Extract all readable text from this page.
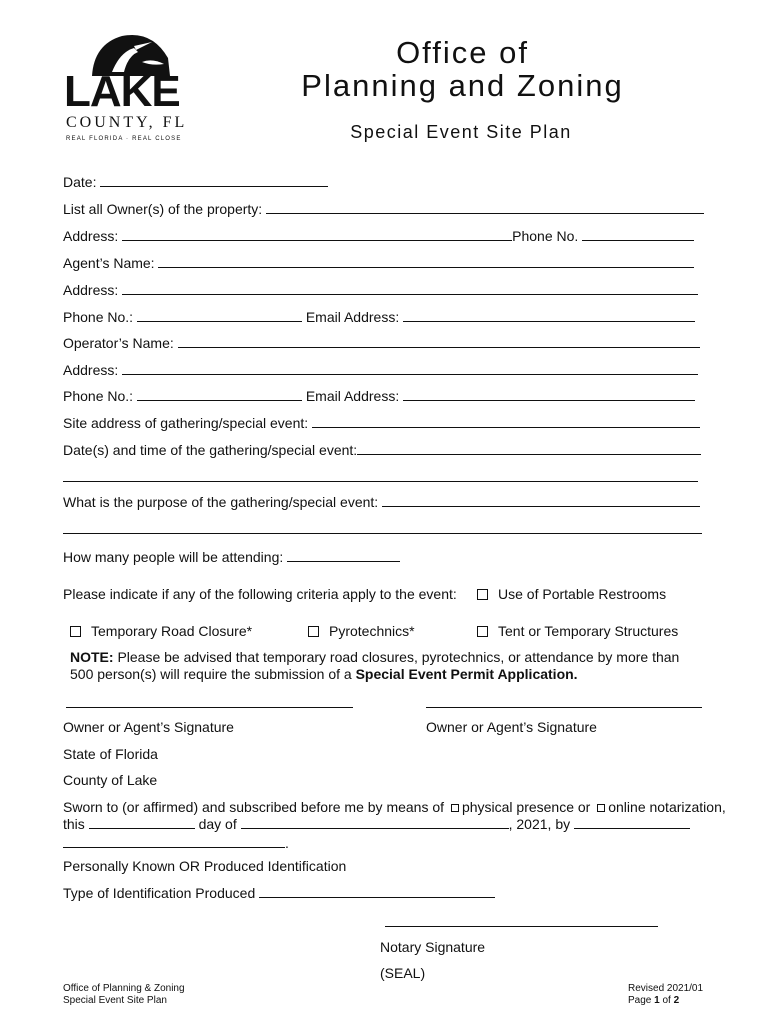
LAKE
COUNTY, FL
REAL FLORIDA · REAL CLOSE
Office of
Planning and Zoning
Special Event Site Plan
Date:
List all Owner(s) of the property:
Address:	Phone No.
Agent’s Name:
Address:
Phone No.:	Email Address:
Operator’s Name:
Address:
Phone No.:	Email Address:
Site address of gathering/special event:
Date(s) and time of the gathering/special event:
What is the purpose of the gathering/special event:
How many people will be attending:
Please indicate if any of the following criteria apply to the event:	Use of Portable Restrooms
Temporary Road Closure*	Pyrotechnics*	Tent or Temporary Structures
NOTE: Please be advised that temporary road closures, pyrotechnics, or attendance by more than
500 person(s) will require the submission of a Special Event Permit Application.
Owner or Agent’s Signature	Owner or Agent’s Signature
State of Florida
County of Lake
Sworn to (or affirmed) and subscribed before me by means of physical presence or online notarization,
this	day of	, 2021, by
.
Personally Known OR Produced Identification
Type of Identification Produced
Notary Signature
(SEAL)
Office of Planning & Zoning
Special Event Site Plan
Revised 2021/01
Page 1 of 2
